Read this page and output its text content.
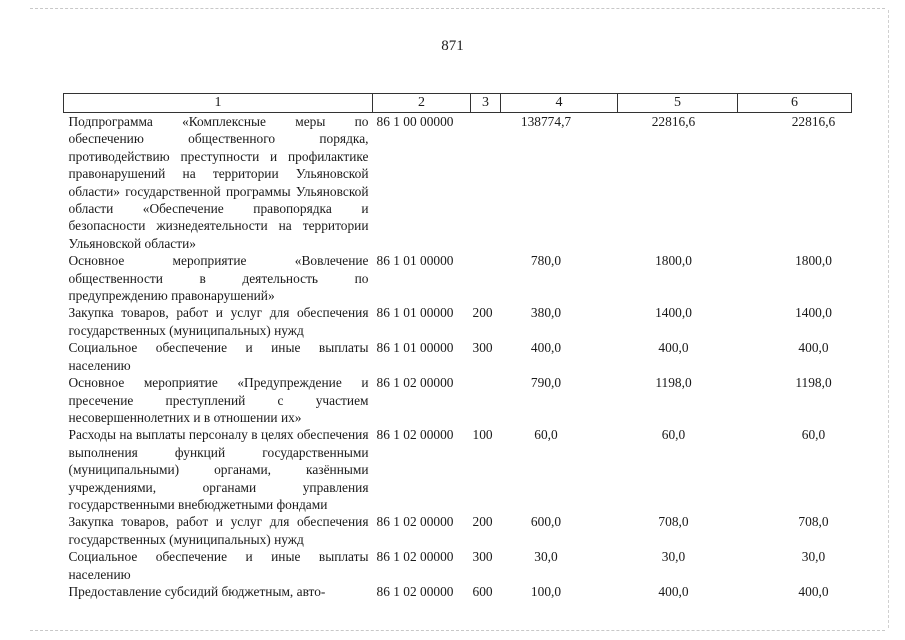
871
1	2	3	4	5	6
Подпрограмма «Комплексные меры по обеспечению общественного порядка, противодействию преступности и профилактике правонарушений на территории Ульяновской области» государственной программы Ульяновской области «Обеспечение правопорядка и безопасности жизнедеятельности на территории Ульяновской области»	86 1 00 00000		138774,7	22816,6	22816,6
Основное мероприятие «Вовлечение общественности в деятельность по предупреждению правонарушений»	86 1 01 00000		780,0	1800,0	1800,0
Закупка товаров, работ и услуг для обеспечения государственных (муниципальных) нужд	86 1 01 00000	200	380,0	1400,0	1400,0
Социальное обеспечение и иные выплаты населению	86 1 01 00000	300	400,0	400,0	400,0
Основное мероприятие «Предупреждение и пресечение преступлений с участием несовершеннолетних и в отношении их»	86 1 02 00000		790,0	1198,0	1198,0
Расходы на выплаты персоналу в целях обеспечения выполнения функций государственными (муниципальными) органами, казёнными учреждениями, органами управления государственными внебюджетными фондами	86 1 02 00000	100	60,0	60,0	60,0
Закупка товаров, работ и услуг для обеспечения государственных (муниципальных) нужд	86 1 02 00000	200	600,0	708,0	708,0
Социальное обеспечение и иные выплаты населению	86 1 02 00000	300	30,0	30,0	30,0
Предоставление субсидий бюджетным, авто-	86 1 02 00000	600	100,0	400,0	400,0
